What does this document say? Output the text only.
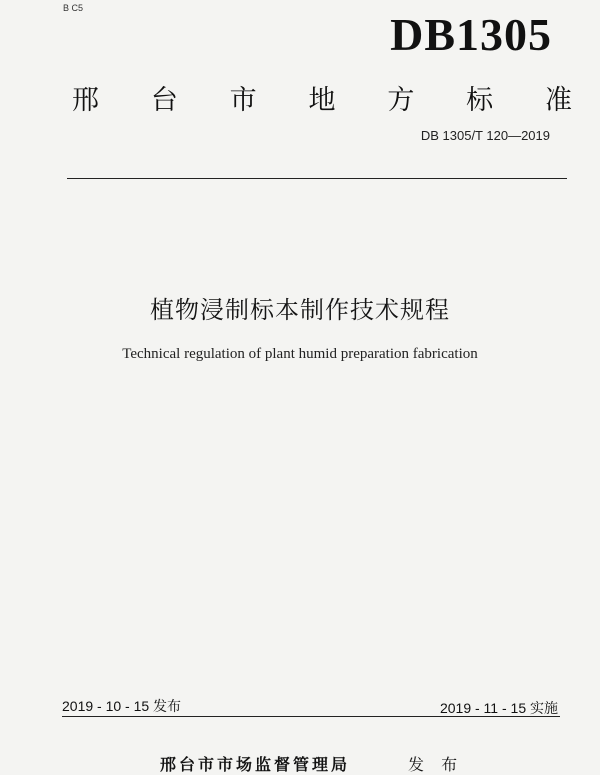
B C5
DB1305
邢 台 市 地 方 标 准
DB 1305/T 120—2019
植物浸制标本制作技术规程
Technical regulation of plant humid preparation fabrication
2019 - 10 - 15 发布	2019 - 11 - 15 实施
邢台市市场监督管理局	发 布
